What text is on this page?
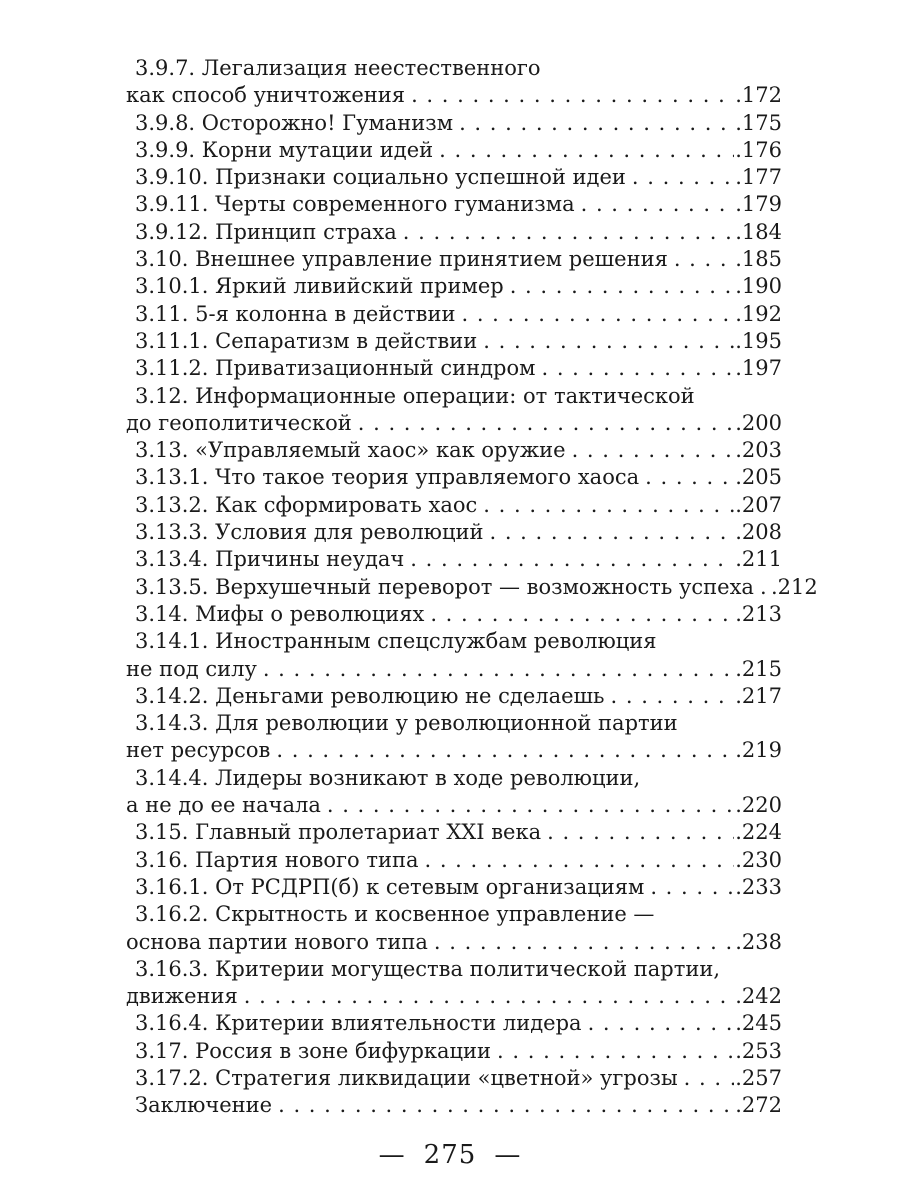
3.9.7. Легализация неестественного
как способ уничтожения . . .	.172
3.9.8. Осторожно! Гуманизм . . .	.175
3.9.9. Корни мутации идей . . .	.176
3.9.10. Признаки социально успешной идеи . . .	.177
3.9.11. Черты современного гуманизма . . .	.179
3.9.12. Принцип страха . . .	.184
3.10. Внешнее управление принятием решения . . .	.185
3.10.1. Яркий ливийский пример . . .	.190
3.11. 5-я колонна в действии . . .	.192
3.11.1. Сепаратизм в действии . . .	.195
3.11.2. Приватизационный синдром . . .	.197
3.12. Информационные операции: от тактической
до геополитической . . .	.200
3.13. «Управляемый хаос» как оружие . . .	.203
3.13.1. Что такое теория управляемого хаоса . . .	.205
3.13.2. Как сформировать хаос . . .	.207
3.13.3. Условия для революций . . .	.208
3.13.4. Причины неудач . . .	.211
3.13.5. Верхушечный переворот — возможность успеха . . . .212
3.14. Мифы о революциях . . .	.213
3.14.1. Иностранным спецслужбам революция
не под силу . . .	.215
3.14.2. Деньгами революцию не сделаешь . . .	.217
3.14.3. Для революции у революционной партии
нет ресурсов . . .	.219
3.14.4. Лидеры возникают в ходе революции,
а не до ее начала . . .	.220
3.15. Главный пролетариат XXI века . . .	.224
3.16. Партия нового типа . . .	.230
3.16.1. От РСДРП(б) к сетевым организациям . . .	.233
3.16.2. Скрытность и косвенное управление —
основа партии нового типа . . .	.238
3.16.3. Критерии могущества политической партии,
движения . . .	.242
3.16.4. Критерии влиятельности лидера . . .	.245
3.17. Россия в зоне бифуркации . . .	.253
3.17.2. Стратегия ликвидации «цветной» угрозы . . .	.257
Заключение . . .	.272
— 275 —
